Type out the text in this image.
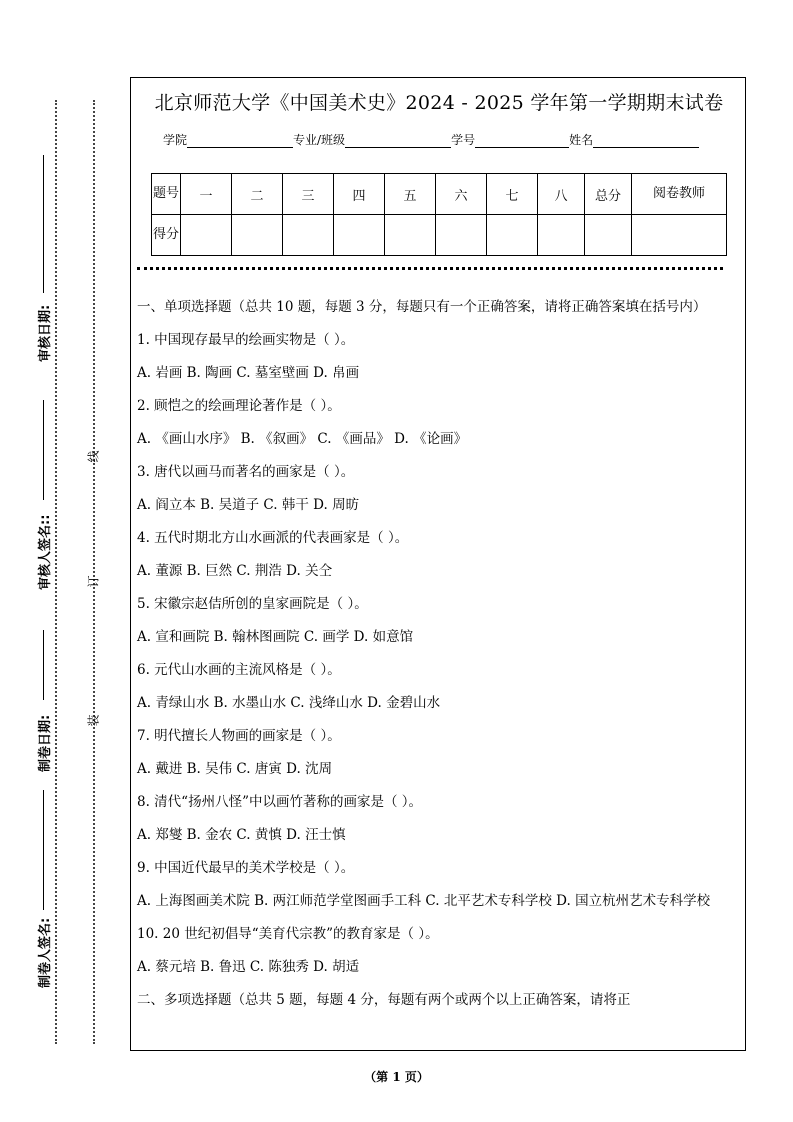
审核日期:
审核人签名::
制卷日期:
制卷人签名:
线
订
装
北京师范大学《中国美术史》2024 - 2025 学年第一学期期末试卷
学院	专业/班级	学号	姓名
题号	一	二	三	四	五	六	七	八	总分	阅卷教师
得分										

一、单项选择题（总共 10 题，每题 3 分，每题只有一个正确答案，请将正确答案填在括号内）

1. 中国现存最早的绘画实物是（ ）。

A. 岩画 B. 陶画 C. 墓室壁画 D. 帛画

2. 顾恺之的绘画理论著作是（ ）。

A. 《画山水序》 B. 《叙画》 C. 《画品》 D. 《论画》

3. 唐代以画马而著名的画家是（ ）。

A. 阎立本 B. 吴道子 C. 韩干 D. 周昉

4. 五代时期北方山水画派的代表画家是（ ）。

A. 董源 B. 巨然 C. 荆浩 D. 关仝

5. 宋徽宗赵佶所创的皇家画院是（ ）。

A. 宣和画院 B. 翰林图画院 C. 画学 D. 如意馆

6. 元代山水画的主流风格是（ ）。

A. 青绿山水 B. 水墨山水 C. 浅绛山水 D. 金碧山水

7. 明代擅长人物画的画家是（ ）。

A. 戴进 B. 吴伟 C. 唐寅 D. 沈周

8. 清代“扬州八怪”中以画竹著称的画家是（ ）。

A. 郑燮 B. 金农 C. 黄慎 D. 汪士慎

9. 中国近代最早的美术学校是（ ）。

A. 上海图画美术院 B. 两江师范学堂图画手工科 C. 北平艺术专科学校 D. 国立杭州艺术专科学校

10. 20 世纪初倡导“美育代宗教”的教育家是（ ）。

A. 蔡元培 B. 鲁迅 C. 陈独秀 D. 胡适

二、多项选择题（总共 5 题，每题 4 分，每题有两个或两个以上正确答案，请将正

（第 1 页）
